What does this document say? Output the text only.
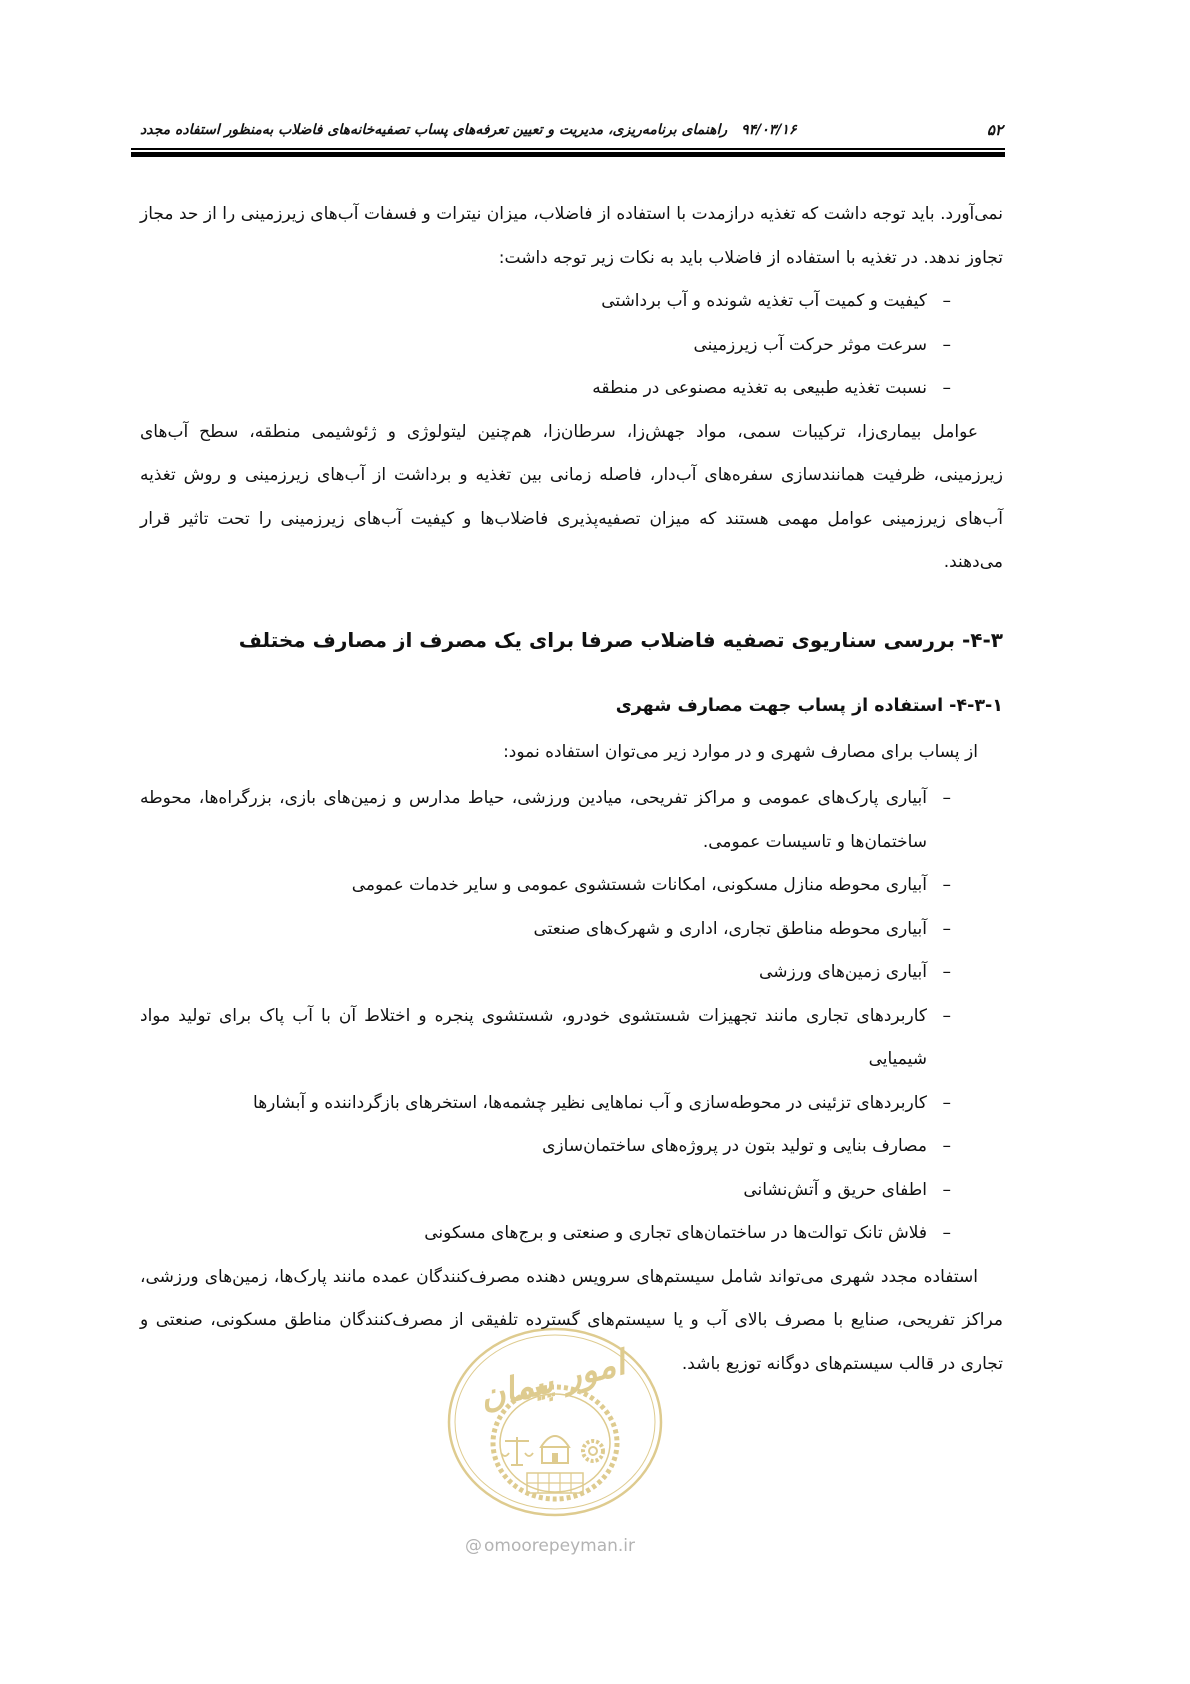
۵۲
۹۴/۰۳/۱۶
راهنمای برنامه‌ریزی، مدیریت و تعیین تعرفه‌های پساب تصفیه‌خانه‌های فاضلاب به‌منظور استفاده مجدد

نمی‌آورد. باید توجه داشت که تغذیه درازمدت با استفاده از فاضلاب، میزان نیترات و فسفات آب‌های زیرزمینی را از حد مجاز تجاوز ندهد. در تغذیه با استفاده از فاضلاب باید به نکات زیر توجه داشت:

–
کیفیت و کمیت آب تغذیه شونده و آب برداشتی
–
سرعت موثر حرکت آب زیرزمینی
–
نسبت تغذیه طبیعی به تغذیه مصنوعی در منطقه

عوامل بیماری‌زا، ترکیبات سمی، مواد جهش‌زا، سرطان‌زا، هم‌چنین لیتولوژی و ژئوشیمی منطقه، سطح آب‌های زیرزمینی، ظرفیت همانندسازی سفره‌های آب‌دار، فاصله زمانی بین تغذیه و برداشت از آب‌های زیرزمینی و روش تغذیه آب‌های زیرزمینی عوامل مهمی هستند که میزان تصفیه‌پذیری فاضلاب‌ها و کیفیت آب‌های زیرزمینی را تحت تاثیر قرار می‌دهند.

۴-۳- بررسی سناریوی تصفیه فاضلاب صرفا برای یک مصرف از مصارف مختلف
۴-۳-۱- استفاده از پساب جهت مصارف شهری

از پساب برای مصارف شهری و در موارد زیر می‌توان استفاده نمود:

–
آبیاری پارک‌های عمومی و مراکز تفریحی، میادین ورزشی، حیاط مدارس و زمین‌های بازی، بزرگراه‌ها، محوطه ساختمان‌ها و تاسیسات عمومی.
–
آبیاری محوطه منازل مسکونی، امکانات شستشوی عمومی و سایر خدمات عمومی
–
آبیاری محوطه مناطق تجاری، اداری و شهرک‌های صنعتی
–
آبیاری زمین‌های ورزشی
–
کاربردهای تجاری مانند تجهیزات شستشوی خودرو، شستشوی پنجره و اختلاط آن با آب پاک برای تولید مواد شیمیایی
–
کاربردهای تزئینی در محوطه‌سازی و آب نماهایی نظیر چشمه‌ها، استخرهای بازگرداننده و آبشارها
–
مصارف بنایی و تولید بتون در پروژه‌های ساختمان‌سازی
–
اطفای حریق و آتش‌نشانی
–
فلاش تانک توالت‌ها در ساختمان‌های تجاری و صنعتی و برج‌های مسکونی

استفاده مجدد شهری می‌تواند شامل سیستم‌های سرویس دهنده مصرف‌کنندگان عمده مانند پارک‌ها، زمین‌های ورزشی، مراکز تفریحی، صنایع با مصرف بالای آب و یا سیستم‌های گسترده تلفیقی از مصرف‌کنندگان مناطق مسکونی، صنعتی و تجاری در قالب سیستم‌های دوگانه توزیع باشد.

امور پیمان
@ omoorepeyman.ir
